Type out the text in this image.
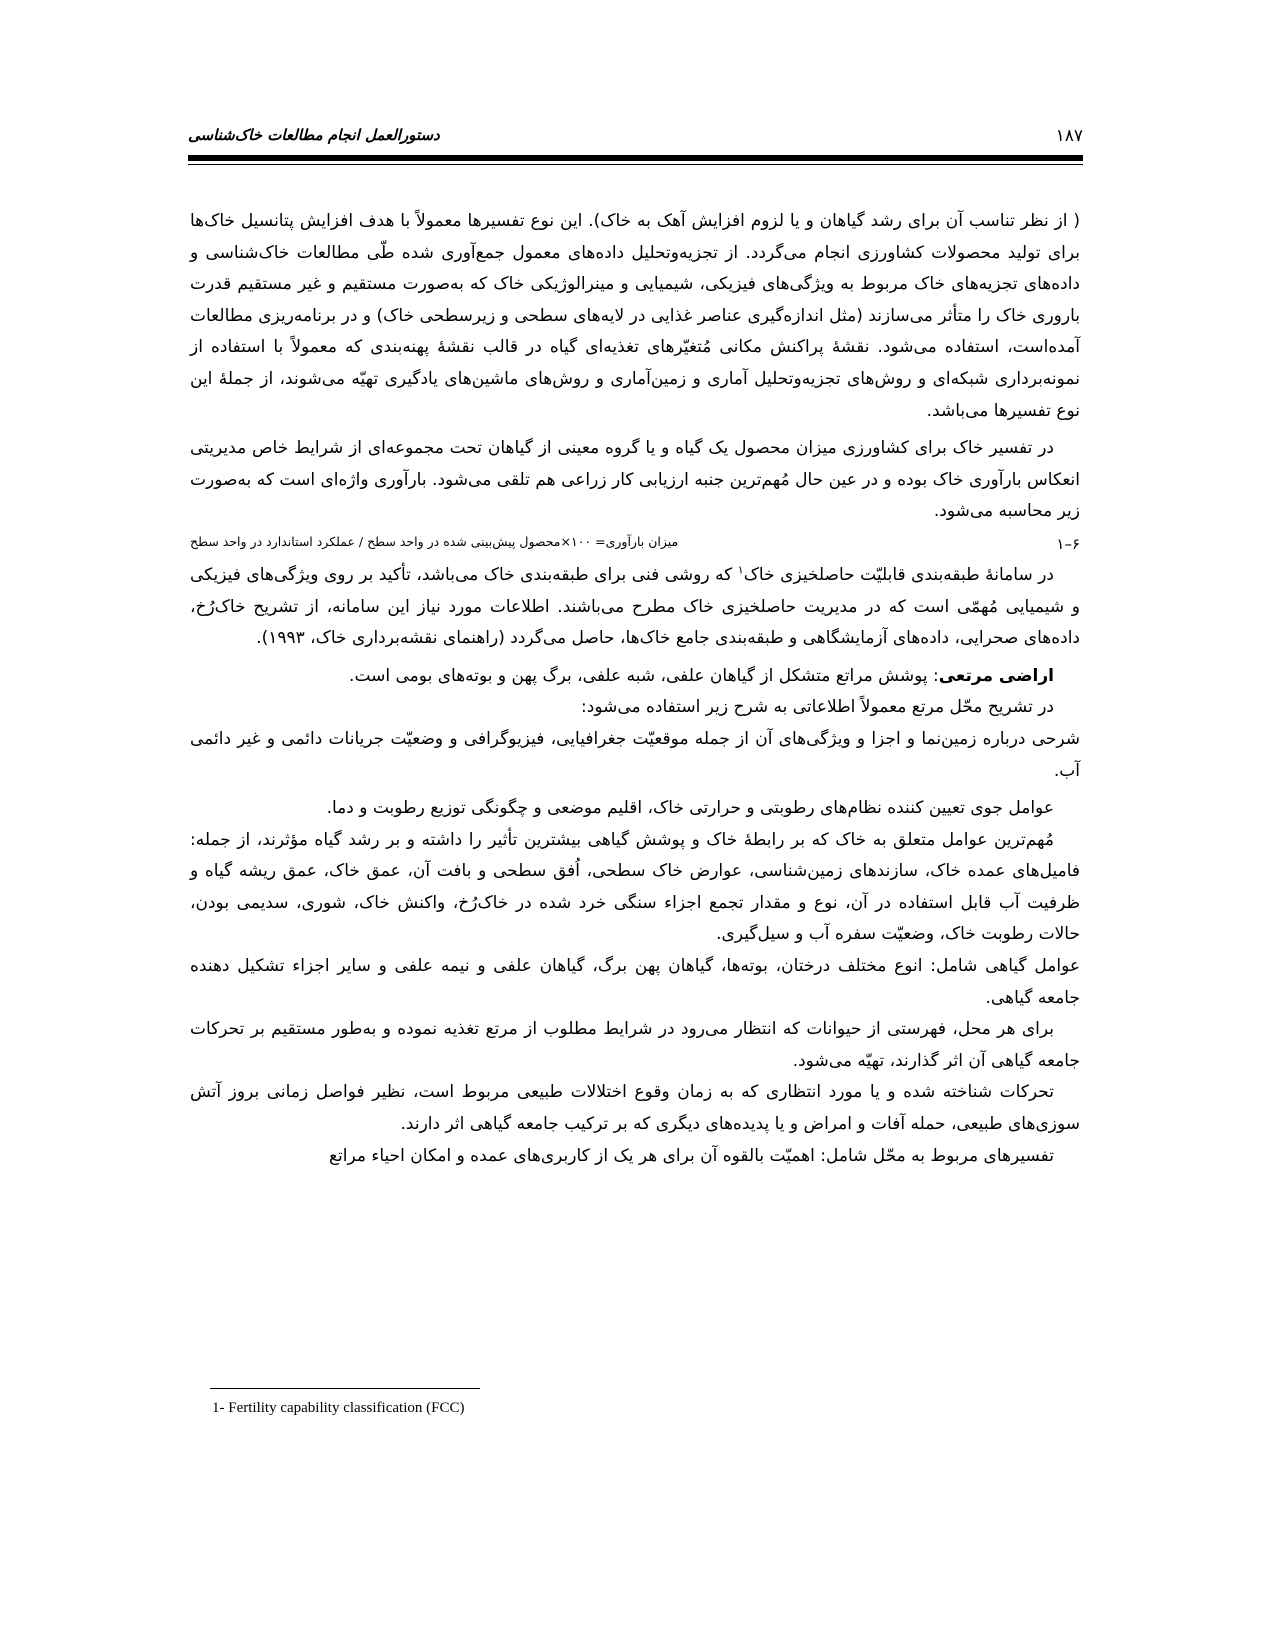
۱۸۷
دستورالعمل انجام مطالعات خاک‌شناسی

( از نظر تناسب آن برای رشد گیاهان و یا لزوم افزایش آهک به خاک). این نوع تفسیرها معمولاً با هدف افزایش پتانسیل خاک‌ها برای تولید محصولات کشاورزی انجام می‌گردد. از تجزیه‌وتحلیل داده‌های معمول جمع‌آوری شده طّی مطالعات خاک‌شناسی و داده‌های تجزیه‌های خاک مربوط به ویژگی‌های فیزیکی، شیمیایی و مینرالوژیکی خاک که به‌صورت مستقیم و غیر مستقیم قدرت باروری خاک را متأثر می‌سازند (مثل اندازه‌گیری عناصر غذایی در لایه‌های سطحی و زیرسطحی خاک) و در برنامه‌ریزی مطالعات آمده‌است، استفاده می‌شود. نقشهٔ پراکنش مکانی مُتغیّرهای تغذیه‌ای گیاه در قالب نقشهٔ پهنه‌بندی که معمولاً با استفاده از نمونه‌برداری شبکه‌ای و روش‌های تجزیه‌وتحلیل آماری و زمین‌آماری و روش‌های ماشین‌های یادگیری تهیّه می‌شوند، از جملهٔ این نوع تفسیرها می‌باشد.

در تفسیر خاک برای کشاورزی میزان محصول یک گیاه و یا گروه معینی از گیاهان تحت مجموعه‌ای از شرایط خاص مدیریتی انعکاس بارآوری خاک بوده و در عین حال مُهم‌ترین جنبه ارزیابی کار زراعی هم تلقی می‌شود. بارآوری واژه‌ای است که به‌صورت زیر محاسبه می‌شود.

۶–۱
میزان بارآوری= ۱۰۰×محصول پیش‌بینی شده در واحد سطح / عملکرد استاندارد در واحد سطح

در سامانهٔ طبقه‌بندی قابلیّت حاصلخیزی خاک$^۱$ که روشی فنی برای طبقه‌بندی خاک می‌باشد، تأکید بر روی ویژگی‌های فیزیکی و شیمیایی مُهمّی است که در مدیریت حاصلخیزی خاک مطرح می‌باشند. اطلاعات مورد نیاز این سامانه، از تشریح خاک‌رُخ، داده‌های صحرایی، داده‌های آزمایشگاهی و طبقه‌بندی جامع خاک‌ها، حاصل می‌گردد (راهنمای نقشه‌برداری خاک، ۱۹۹۳).

اراضی مرتعی: پوشش مراتع متشکل از گیاهان علفی، شبه علفی، برگ پهن و بوته‌های بومی است.

در تشریح محّل مرتع معمولاً اطلاعاتی به شرح زیر استفاده می‌شود:

شرحی درباره زمین‌نما و اجزا و ویژگی‌های آن از جمله موقعیّت جغرافیایی، فیزیوگرافی و وضعیّت جریانات دائمی و غیر دائمی آب.

عوامل جوی تعیین کننده نظام‌های رطوبتی و حرارتی خاک، اقلیم موضعی و چگونگی توزیع رطوبت و دما.

مُهم‌ترین عوامل متعلق به خاک که بر رابطهٔ خاک و پوشش گیاهی بیشترین تأثیر را داشته و بر رشد گیاه مؤثرند، از جمله: فامیل‌های عمده خاک، سازندهای زمین‌شناسی، عوارض خاک سطحی، اُفق سطحی و بافت آن، عمق خاک، عمق ریشه گیاه و ظرفیت آب قابل استفاده در آن، نوع و مقدار تجمع اجزاء سنگی خرد شده در خاک‌رُخ، واکنش خاک، شوری، سدیمی بودن، حالات رطوبت خاک، وضعیّت سفره آب و سیل‌گیری.

عوامل گیاهی شامل: انوع مختلف درختان، بوته‌ها، گیاهان پهن برگ، گیاهان علفی و نیمه علفی و سایر اجزاء تشکیل دهنده جامعه گیاهی.

برای هر محل، فهرستی از حیوانات که انتظار می‌رود در شرایط مطلوب از مرتع تغذیه نموده و به‌طور مستقیم بر تحرکات جامعه گیاهی آن اثر گذارند، تهیّه می‌شود.

تحرکات شناخته شده و یا مورد انتظاری که به زمان وقوع اختلالات طبیعی مربوط است، نظیر فواصل زمانی بروز آتش سوزی‌های طبیعی، حمله آفات و امراض و یا پدیده‌های دیگری که بر ترکیب جامعه گیاهی اثر دارند.

تفسیرهای مربوط به محّل شامل: اهمیّت بالقوه آن برای هر یک از کاربری‌های عمده و امکان احیاء مراتع

1- Fertility capability classification (FCC)
